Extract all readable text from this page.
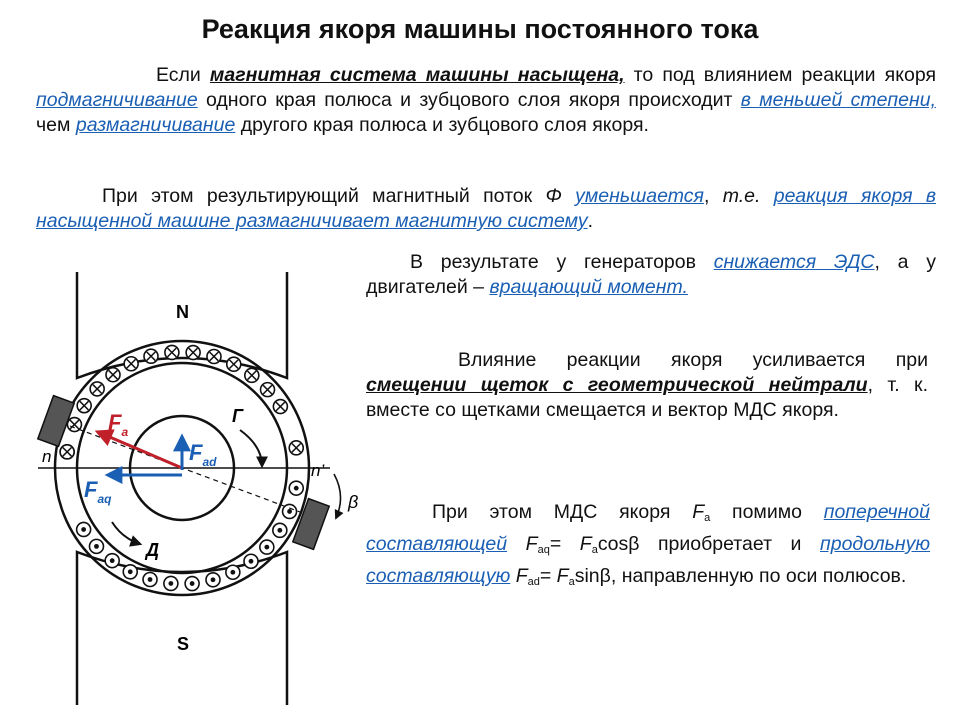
Реакция якоря машины постоянного тока
Если магнитная система машины насыщена, то под влиянием реакции якоря подмагничивание одного края полюса и зубцового слоя якоря происходит в меньшей степени, чем размагничивание другого края полюса и зубцового слоя якоря.
При этом результирующий магнитный поток Φ уменьшается, т.е. реакция якоря в насыщенной машине размагничивает магнитную систему.
В результате у генераторов снижается ЭДС, а у двигателей – вращающий момент.
Влияние реакции якоря усиливается при смещении щеток с геометрической нейтрали, т. к. вместе со щетками смещается и вектор МДС якоря.
При этом МДС якоря $F_a$ помимо поперечной составляющей $F_{aq}= F_a\cos\beta$ приобретает и продольную составляющую $F_{ad}= F_a\sin\beta$, направленную по оси полюсов.
N
S
Г
Д
n
n’
β
$F_a$
$F_{ad}$
$F_{aq}$
